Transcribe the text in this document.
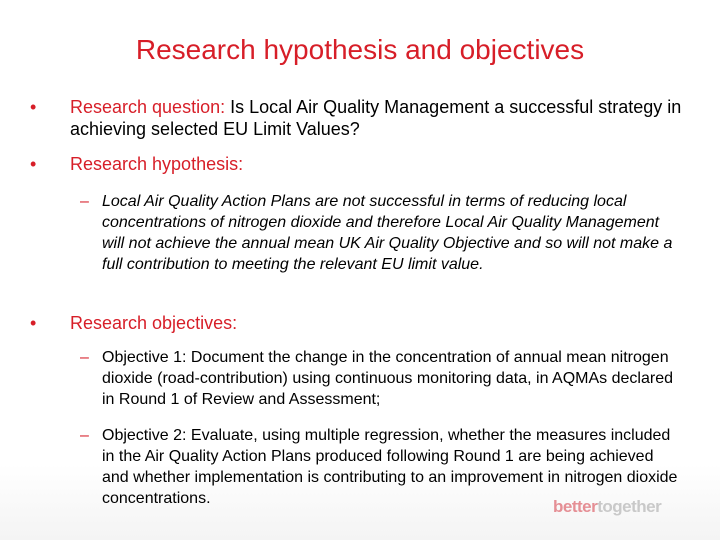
Research hypothesis and objectives
• Research question: Is Local Air Quality Management a successful strategy in achieving selected EU Limit Values?
• Research hypothesis:
– Local Air Quality Action Plans are not successful in terms of reducing local concentrations of nitrogen dioxide and therefore Local Air Quality Management will not achieve the annual mean UK Air Quality Objective and so will not make a full contribution to meeting the relevant EU limit value.
• Research objectives:
– Objective 1: Document the change in the concentration of annual mean nitrogen dioxide (road-contribution) using continuous monitoring data, in AQMAs declared in Round 1 of Review and Assessment;
– Objective 2: Evaluate, using multiple regression, whether the measures included in the Air Quality Action Plans produced following Round 1 are being achieved and whether implementation is contributing to an improvement in nitrogen dioxide concentrations.	bettertogether
